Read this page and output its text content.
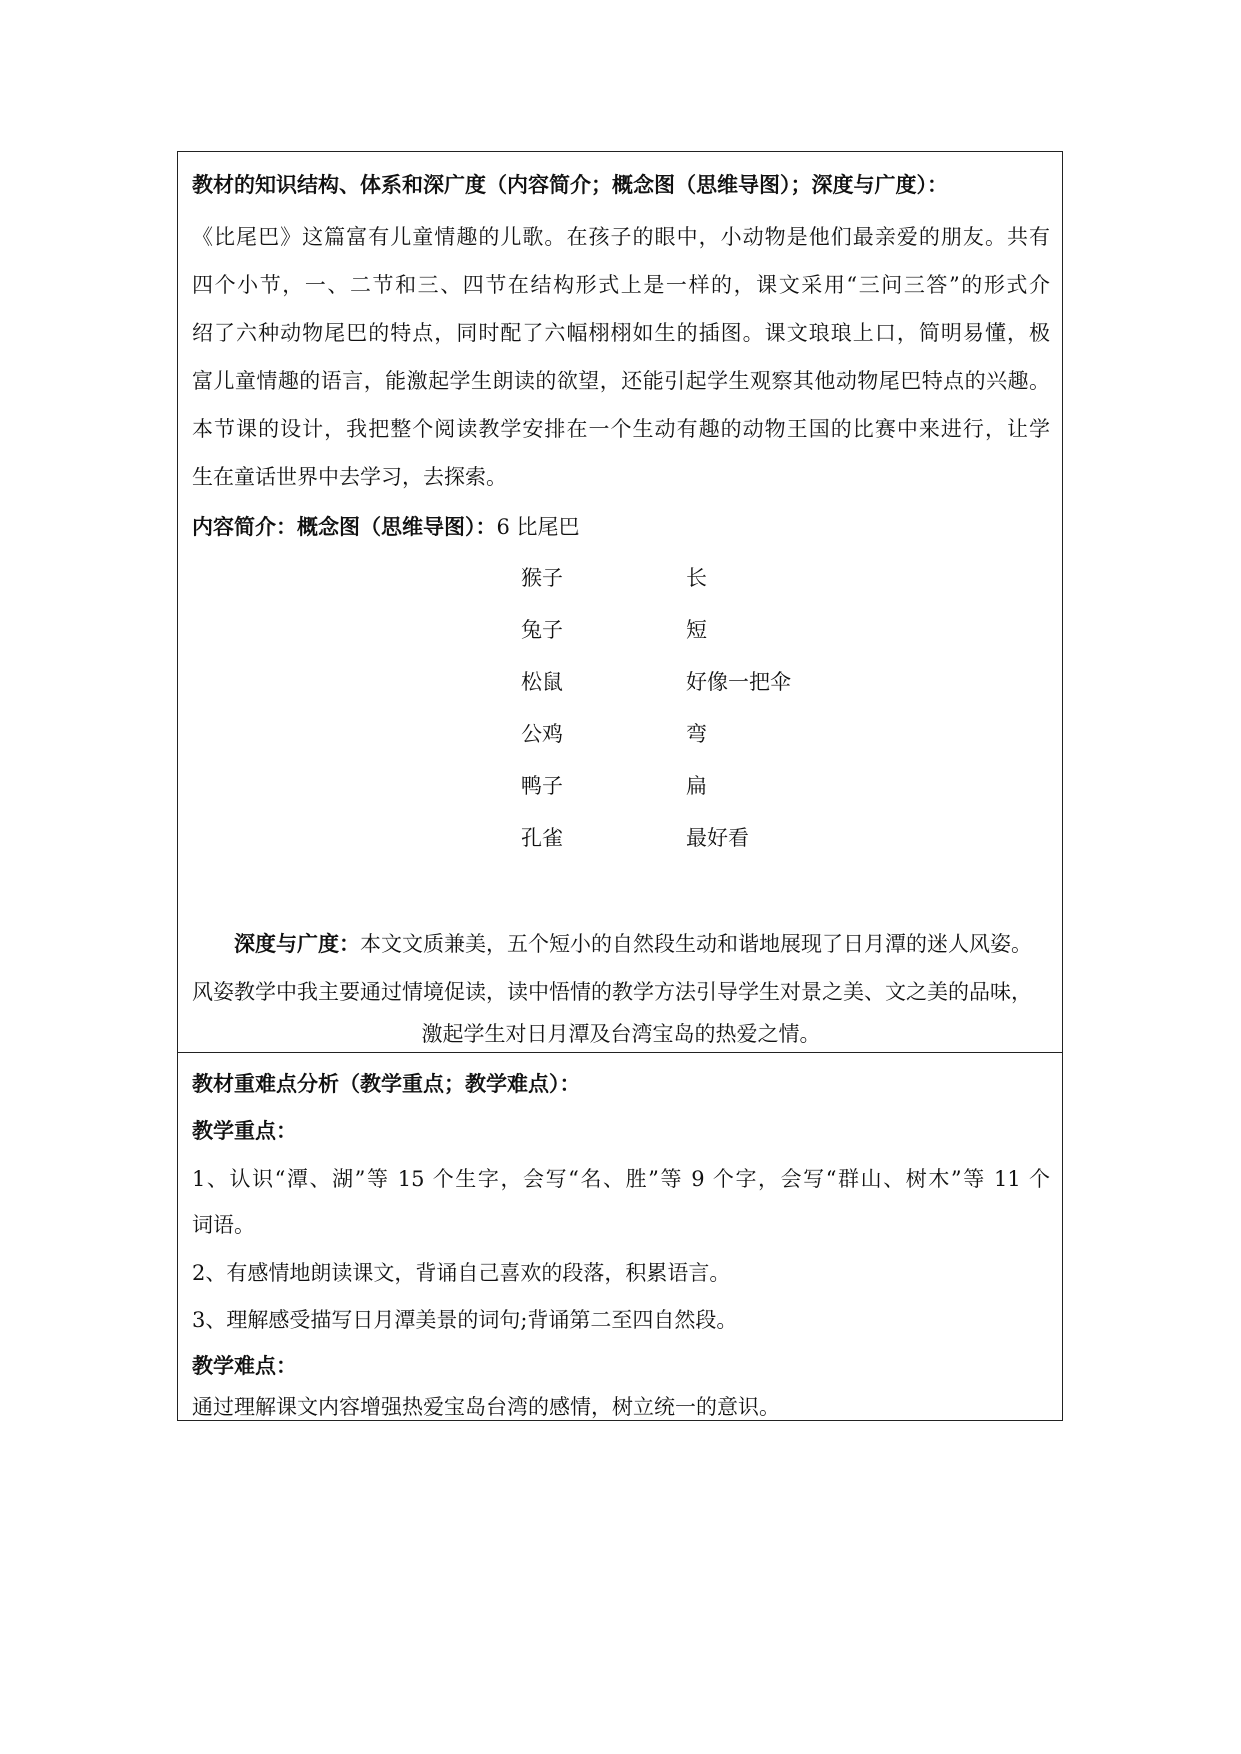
教材的知识结构、体系和深广度（内容简介；概念图（思维导图）；深度与广度）：
《比尾巴》这篇富有儿童情趣的儿歌。在孩子的眼中，小动物是他们最亲爱的朋友。共有
四个小节，一、二节和三、四节在结构形式上是一样的，课文采用“三问三答”的形式介
绍了六种动物尾巴的特点，同时配了六幅栩栩如生的插图。课文琅琅上口，简明易懂，极
富儿童情趣的语言，能激起学生朗读的欲望，还能引起学生观察其他动物尾巴特点的兴趣。
本节课的设计，我把整个阅读教学安排在一个生动有趣的动物王国的比赛中来进行，让学
生在童话世界中去学习，去探索。
内容简介：概念图（思维导图）：6 比尾巴
猴子	长
兔子	短
松鼠	好像一把伞
公鸡	弯
鸭子	扁
孔雀	最好看
深度与广度：本文文质兼美，五个短小的自然段生动和谐地展现了日月潭的迷人风姿。
风姿教学中我主要通过情境促读，读中悟情的教学方法引导学生对景之美、文之美的品味，
激起学生对日月潭及台湾宝岛的热爱之情。
教材重难点分析（教学重点；教学难点）：
教学重点：
1、认识“潭、湖”等 15 个生字，会写“名、胜”等 9 个字，会写“群山、树木”等 11 个
词语。
2、有感情地朗读课文，背诵自己喜欢的段落，积累语言。
3、理解感受描写日月潭美景的词句;背诵第二至四自然段。
教学难点：
通过理解课文内容增强热爱宝岛台湾的感情，树立统一的意识。
